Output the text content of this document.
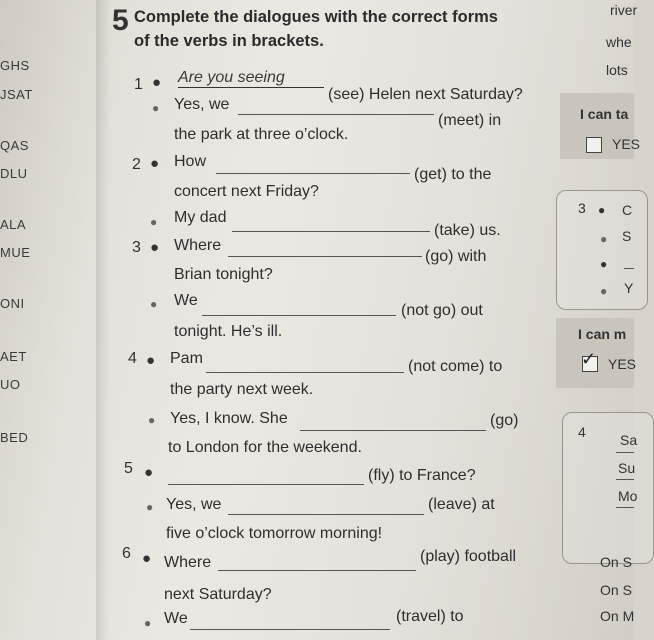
GHS
JSAT
QAS
DLU
ALA
MUE
ONI
AET
UO
BED
5 Complete the dialogues with the correct forms
of the verbs in brackets.
1 ● Are you seeing
(see) Helen next Saturday?
● Yes, we
(meet) in
the park at three o’clock.
2 ● How
(get) to the
concert next Friday?
● My dad
(take) us.
3 ● Where
(go) with
Brian tonight?
● We
(not go) out
tonight. He’s ill.
4 ● Pam	(not come) to
the party next week.
● Yes, I know. She	(go)
to London for the weekend.
5 ●	(fly) to France?
● Yes, we	(leave) at
five o’clock tomorrow morning!
6 ● Where	(play) football
next Saturday?
● We	(travel) to
river
whe
lots
I can ta
YES
3 ● C
● S
●
● Y
I can m
✓ YES
4 Sa
Su
Mo
On S
On S
On M
